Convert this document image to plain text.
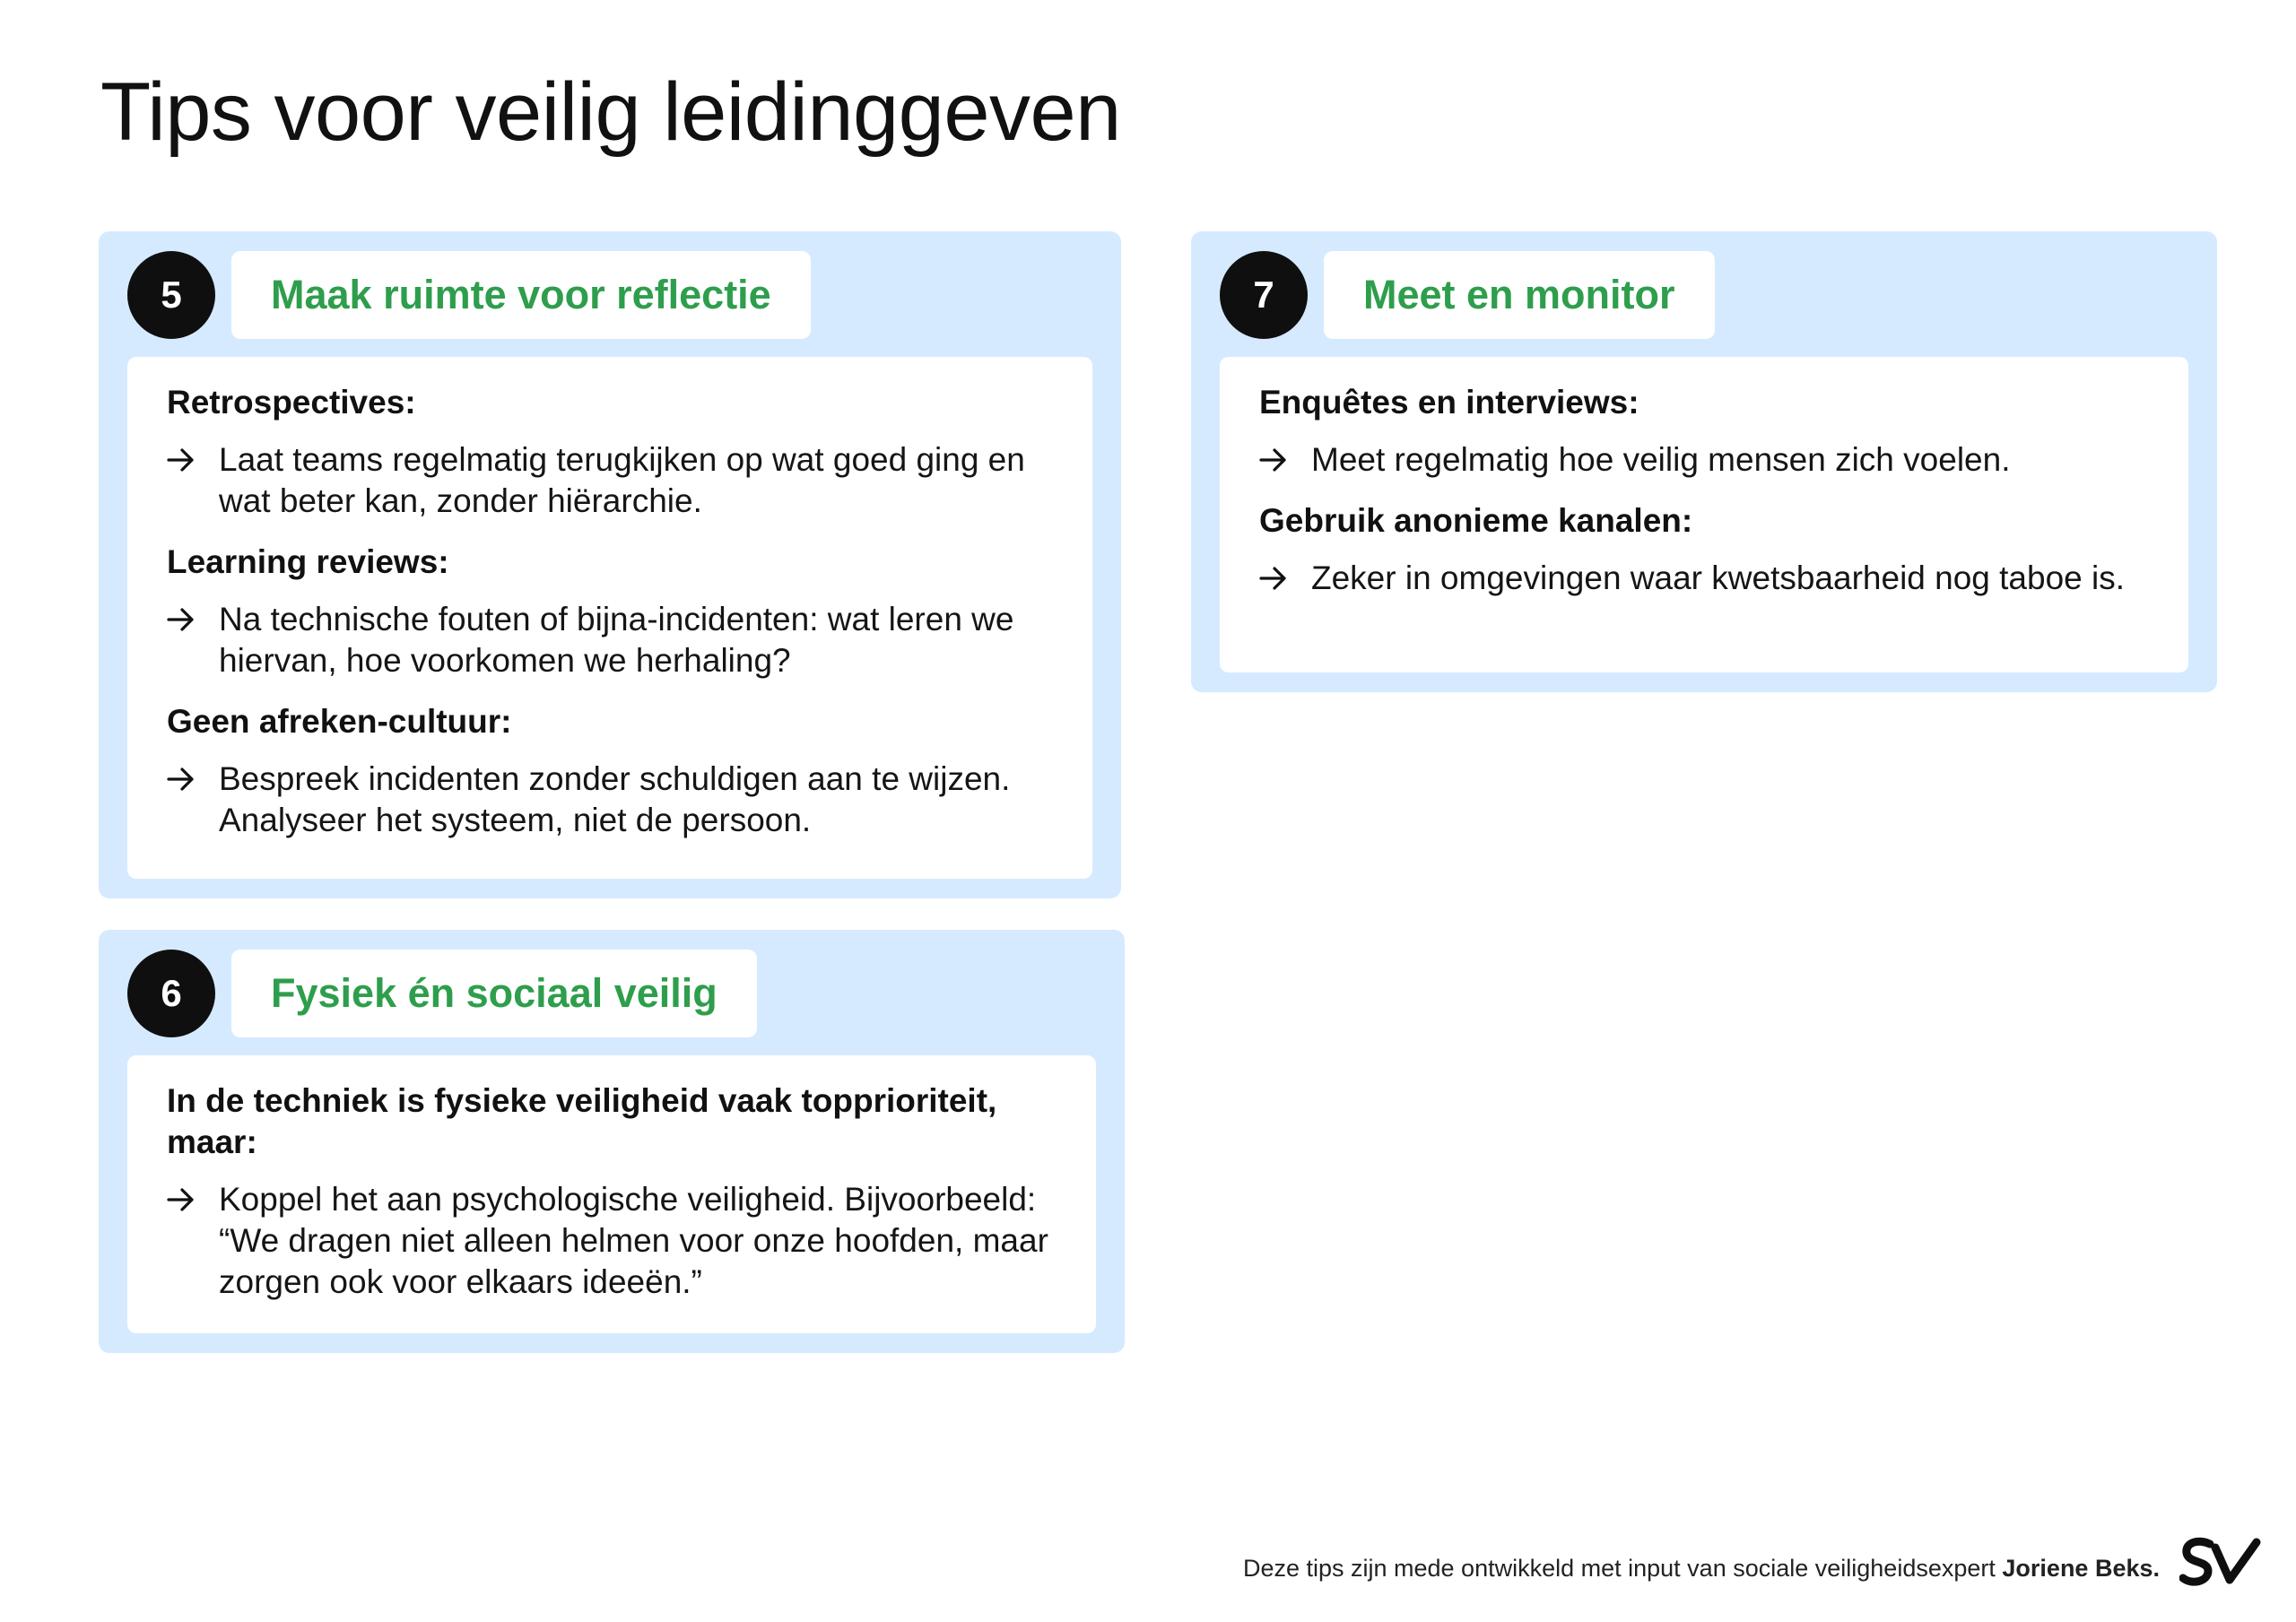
Tips voor veilig leidinggeven
5	Maak ruimte voor reflectie
Retrospectives:
Laat teams regelmatig terugkijken op wat goed ging en wat beter kan, zonder hiërarchie.
Learning reviews:
Na technische fouten of bijna-incidenten: wat leren we hiervan, hoe voorkomen we herhaling?
Geen afreken-cultuur:
Bespreek incidenten zonder schuldigen aan te wijzen. Analyseer het systeem, niet de persoon.
6	Fysiek én sociaal veilig
In de techniek is fysieke veiligheid vaak topprioriteit, maar:
Koppel het aan psychologische veiligheid. Bijvoorbeeld: “We dragen niet alleen helmen voor onze hoofden, maar zorgen ook voor elkaars ideeën.”
7	Meet en monitor
Enquêtes en interviews:
Meet regelmatig hoe veilig mensen zich voelen.
Gebruik anonieme kanalen:
Zeker in omgevingen waar kwetsbaarheid nog taboe is.
Deze tips zijn mede ontwikkeld met input van sociale veiligheidsexpert Joriene Beks.
